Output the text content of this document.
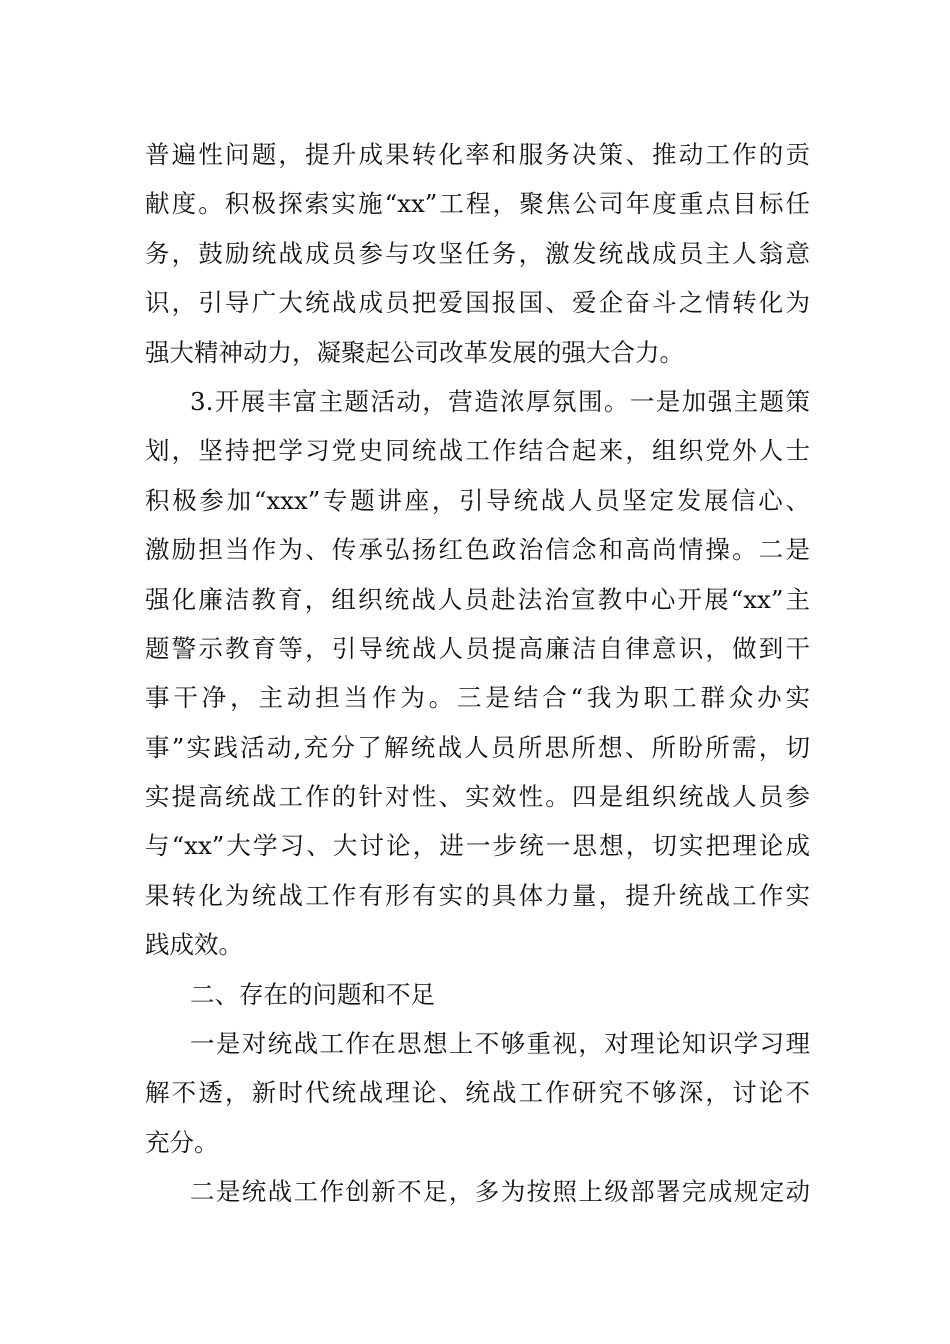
普遍性问题，提升成果转化率和服务决策、推动工作的贡
献度。积极探索实施“xx”工程，聚焦公司年度重点目标任
务，鼓励统战成员参与攻坚任务，激发统战成员主人翁意
识，引导广大统战成员把爱国报国、爱企奋斗之情转化为
强大精神动力，凝聚起公司改革发展的强大合力。
3.开展丰富主题活动，营造浓厚氛围。一是加强主题策
划，坚持把学习党史同统战工作结合起来，组织党外人士
积极参加“xxx”专题讲座，引导统战人员坚定发展信心、
激励担当作为、传承弘扬红色政治信念和高尚情操。二是
强化廉洁教育，组织统战人员赴法治宣教中心开展“xx”主
题警示教育等，引导统战人员提高廉洁自律意识，做到干
事干净，主动担当作为。三是结合“我为职工群众办实
事”实践活动,充分了解统战人员所思所想、所盼所需，切
实提高统战工作的针对性、实效性。四是组织统战人员参
与“xx”大学习、大讨论，进一步统一思想，切实把理论成
果转化为统战工作有形有实的具体力量，提升统战工作实
践成效。
二、存在的问题和不足
一是对统战工作在思想上不够重视，对理论知识学习理
解不透，新时代统战理论、统战工作研究不够深，讨论不
充分。
二是统战工作创新不足，多为按照上级部署完成规定动
